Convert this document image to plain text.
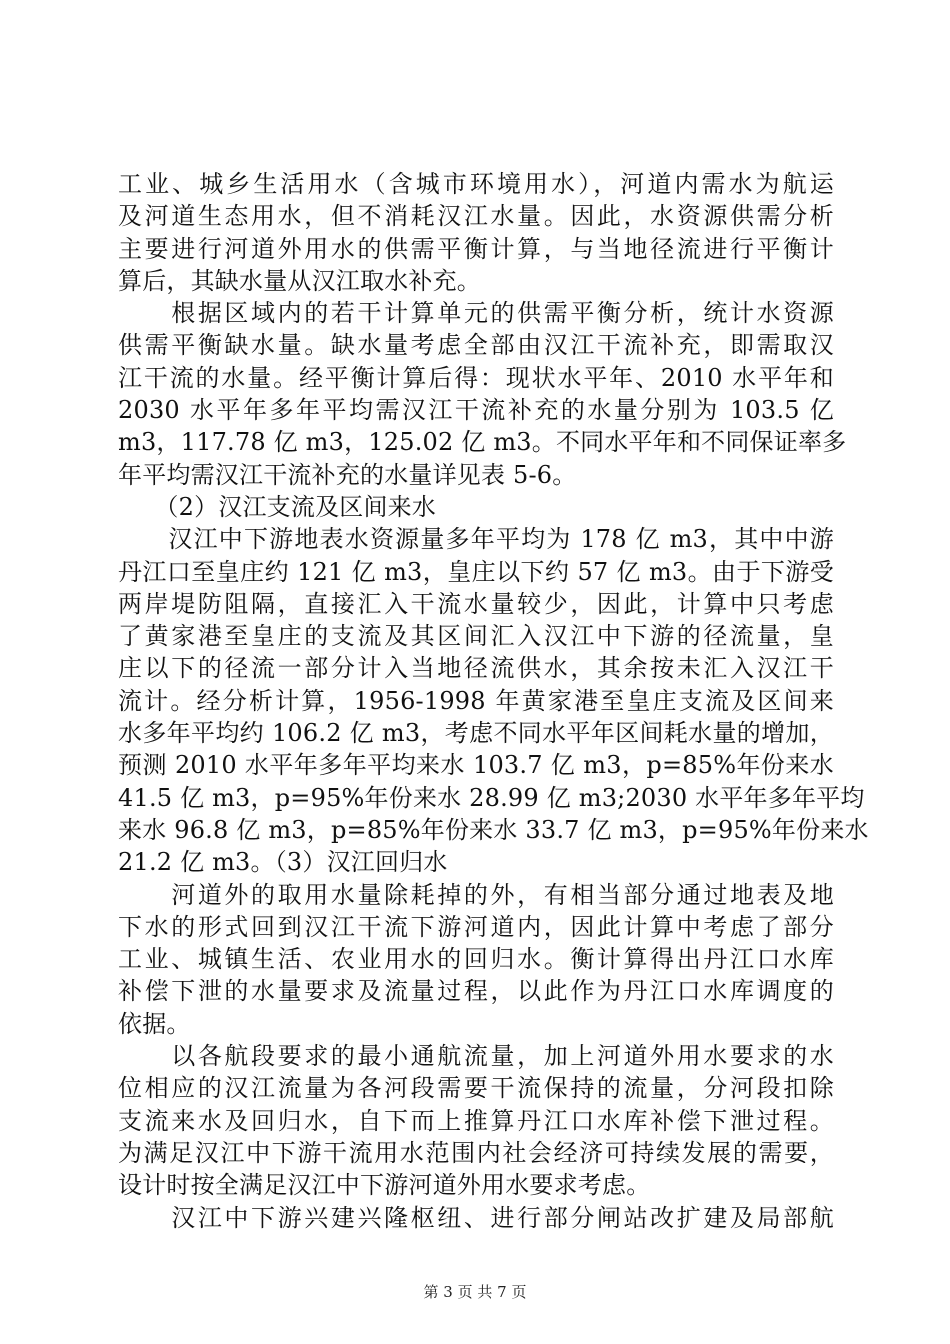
工业、城乡生活用水（含城市环境用水），河道内需水为航运
及河道生态用水，但不消耗汉江水量。因此，水资源供需分析
主要进行河道外用水的供需平衡计算，与当地径流进行平衡计
算后，其缺水量从汉江取水补充。
　　根据区域内的若干计算单元的供需平衡分析，统计水资源
供需平衡缺水量。缺水量考虑全部由汉江干流补充，即需取汉
江干流的水量。经平衡计算后得：现状水平年、2010 水平年和
2030 水平年多年平均需汉江干流补充的水量分别为 103.5 亿
m3，117.78 亿 m3，125.02 亿 m3。不同水平年和不同保证率多
年平均需汉江干流补充的水量详见表 5-6。
　　（2）汉江支流及区间来水
　　汉江中下游地表水资源量多年平均为 178 亿 m3，其中中游
丹江口至皇庄约 121 亿 m3，皇庄以下约 57 亿 m3。由于下游受
两岸堤防阻隔，直接汇入干流水量较少，因此，计算中只考虑
了黄家港至皇庄的支流及其区间汇入汉江中下游的径流量，皇
庄以下的径流一部分计入当地径流供水，其余按未汇入汉江干
流计。经分析计算，1956-1998 年黄家港至皇庄支流及区间来
水多年平均约 106.2 亿 m3，考虑不同水平年区间耗水量的增加，
预测 2010 水平年多年平均来水 103.7 亿 m3，p=85%年份来水
41.5 亿 m3，p=95%年份来水 28.99 亿 m3;2030 水平年多年平均
来水 96.8 亿 m3，p=85%年份来水 33.7 亿 m3，p=95%年份来水
21.2 亿 m3。（3）汉江回归水
　　河道外的取用水量除耗掉的外，有相当部分通过地表及地
下水的形式回到汉江干流下游河道内，因此计算中考虑了部分
工业、城镇生活、农业用水的回归水。衡计算得出丹江口水库
补偿下泄的水量要求及流量过程，以此作为丹江口水库调度的
依据。
　　以各航段要求的最小通航流量，加上河道外用水要求的水
位相应的汉江流量为各河段需要干流保持的流量，分河段扣除
支流来水及回归水，自下而上推算丹江口水库补偿下泄过程。
为满足汉江中下游干流用水范围内社会经济可持续发展的需要，
设计时按全满足汉江中下游河道外用水要求考虑。
　　汉江中下游兴建兴隆枢纽、进行部分闸站改扩建及局部航
第 3 页 共 7 页
